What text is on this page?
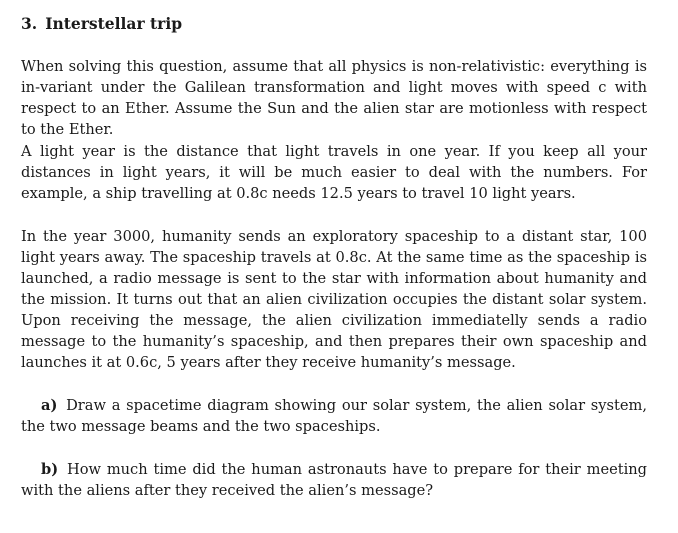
3. Interstellar trip

When solving this question, assume that all physics is non-relativistic: everything is in-variant under the Galilean transformation and light moves with speed c with respect to an Ether. Assume the Sun and the alien star are motionless with respect to the Ether.

A light year is the distance that light travels in one year. If you keep all your distances in light years, it will be much easier to deal with the numbers. For example, a ship travelling at 0.8c needs 12.5 years to travel 10 light years.

In the year 3000, humanity sends an exploratory spaceship to a distant star, 100 light years away. The spaceship travels at 0.8c. At the same time as the spaceship is launched, a radio message is sent to the star with information about humanity and the mission. It turns out that an alien civilization occupies the distant solar system. Upon receiving the message, the alien civilization immediatelly sends a radio message to the humanity’s spaceship, and then prepares their own spaceship and launches it at 0.6c, 5 years after they receive humanity’s message.

a) Draw a spacetime diagram showing our solar system, the alien solar system, the two message beams and the two spaceships.

b) How much time did the human astronauts have to prepare for their meeting with the aliens after they received the alien’s message?
